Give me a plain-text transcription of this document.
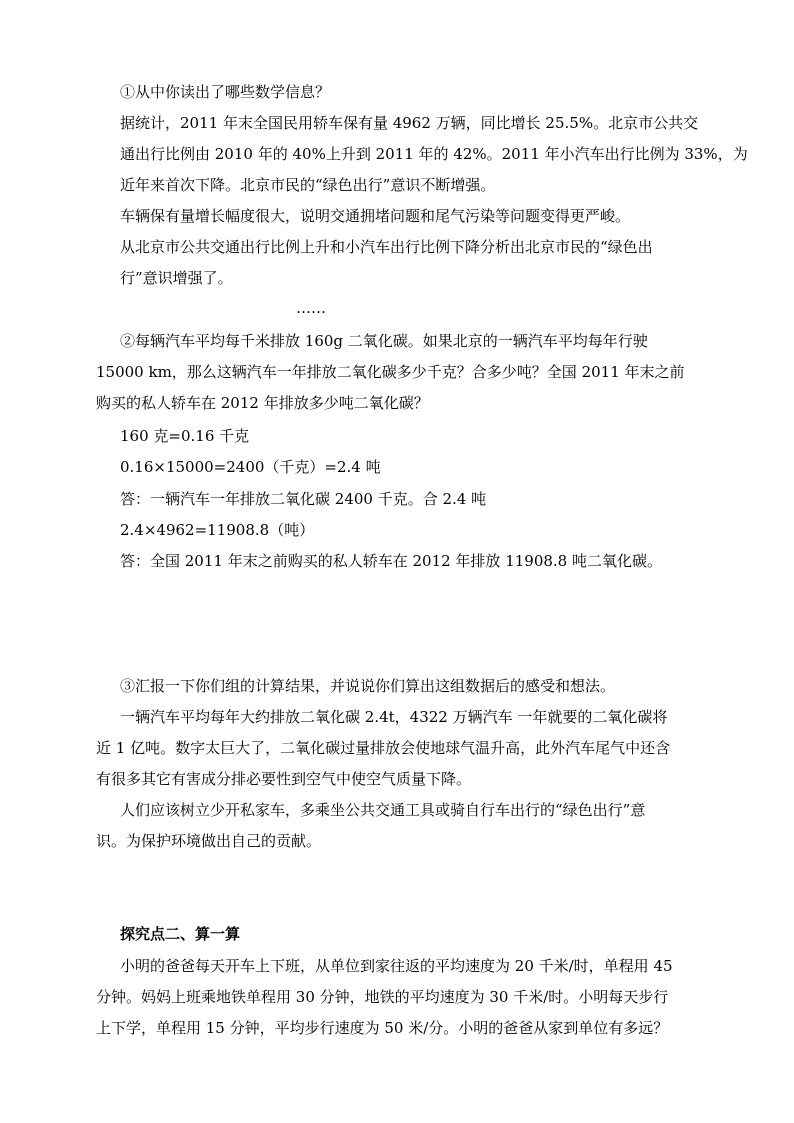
①从中你读出了哪些数学信息？
据统计，2011 年末全国民用轿车保有量 4962 万辆，同比增长 25.5%。北京市公共交
通出行比例由 2010 年的 40%上升到 2011 年的 42%。2011 年小汽车出行比例为 33%，为
近年来首次下降。北京市民的“绿色出行”意识不断增强。
车辆保有量增长幅度很大，说明交通拥堵问题和尾气污染等问题变得更严峻。
从北京市公共交通出行比例上升和小汽车出行比例下降分析出北京市民的“绿色出
行”意识增强了。
……
②每辆汽车平均每千米排放 160g 二氧化碳。如果北京的一辆汽车平均每年行驶
15000 km，那么这辆汽车一年排放二氧化碳多少千克？合多少吨？全国 2011 年末之前
购买的私人轿车在 2012 年排放多少吨二氧化碳？
160 克=0.16 千克
0.16×15000=2400（千克）=2.4 吨
答：一辆汽车一年排放二氧化碳 2400 千克。合 2.4 吨
2.4×4962=11908.8（吨）
答：全国 2011 年末之前购买的私人轿车在 2012 年排放 11908.8 吨二氧化碳。
③汇报一下你们组的计算结果，并说说你们算出这组数据后的感受和想法。
一辆汽车平均每年大约排放二氧化碳 2.4t，4322 万辆汽车 一年就要的二氧化碳将
近 1 亿吨。数字太巨大了，二氧化碳过量排放会使地球气温升高，此外汽车尾气中还含
有很多其它有害成分排必要性到空气中使空气质量下降。
人们应该树立少开私家车，多乘坐公共交通工具或骑自行车出行的“绿色出行”意
识。为保护环境做出自己的贡献。
探究点二、算一算
小明的爸爸每天开车上下班，从单位到家往返的平均速度为 20 千米/时，单程用 45
分钟。妈妈上班乘地铁单程用 30 分钟，地铁的平均速度为 30 千米/时。小明每天步行
上下学，单程用 15 分钟，平均步行速度为 50 米/分。小明的爸爸从家到单位有多远？
